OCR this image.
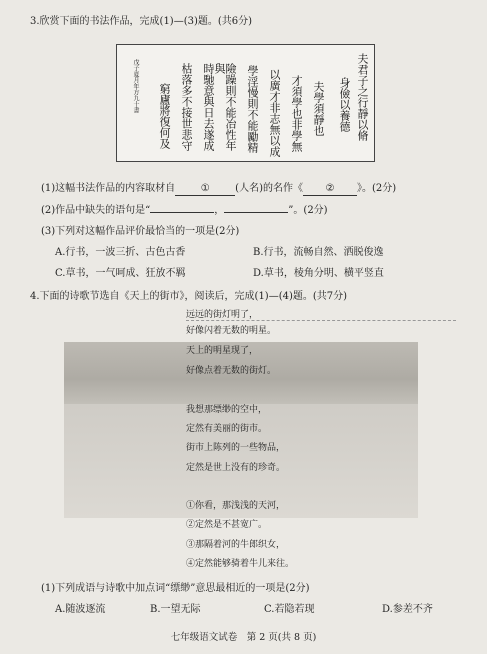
3.欣赏下面的书法作品，完成(1)—(3)题。(共6分)
夫君子之行靜以脩
身儉以養德
夫學須靜也
才須學也非學無
以廣才非志無以成
學淫慢則不能勵精
險躁則不能冶性年與
時馳意與日去遂成
枯落多不接世悲守
窮廬將復何及
戊子夏月年方九十書
(1)这幅书法作品的内容取材自	①	(人名)的名作《 ② 》。(2分)
(2)作品中缺失的语句是“	，	”。(2分)
(3)下列对这幅作品评价最恰当的一项是(2分)
A.行书，一波三折、古色古香	B.行书，流畅自然、洒脱俊逸
C.草书，一气呵成、狂放不羁	D.草书，棱角分明、横平竖直
4.下面的诗歌节选自《天上的街市》，阅读后，完成(1)—(4)题。(共7分)
远远的街灯明了，
好像闪着无数的明星。
天上的明星现了，
好像点着无数的街灯。
我想那缥缈的空中，
定然有美丽的街市。
街市上陈列的一些物品，
定然是世上没有的珍奇。
①你看，那浅浅的天河，
②定然是不甚宽广。
③那隔着河的牛郎织女，
④定然能够骑着牛儿来往。
(1)下列成语与诗歌中加点词“缥缈”意思最相近的一项是(2分)
A.随波逐流	B.一望无际	C.若隐若现	D.参差不齐
七年级语文试卷　第 2 页(共 8 页)
